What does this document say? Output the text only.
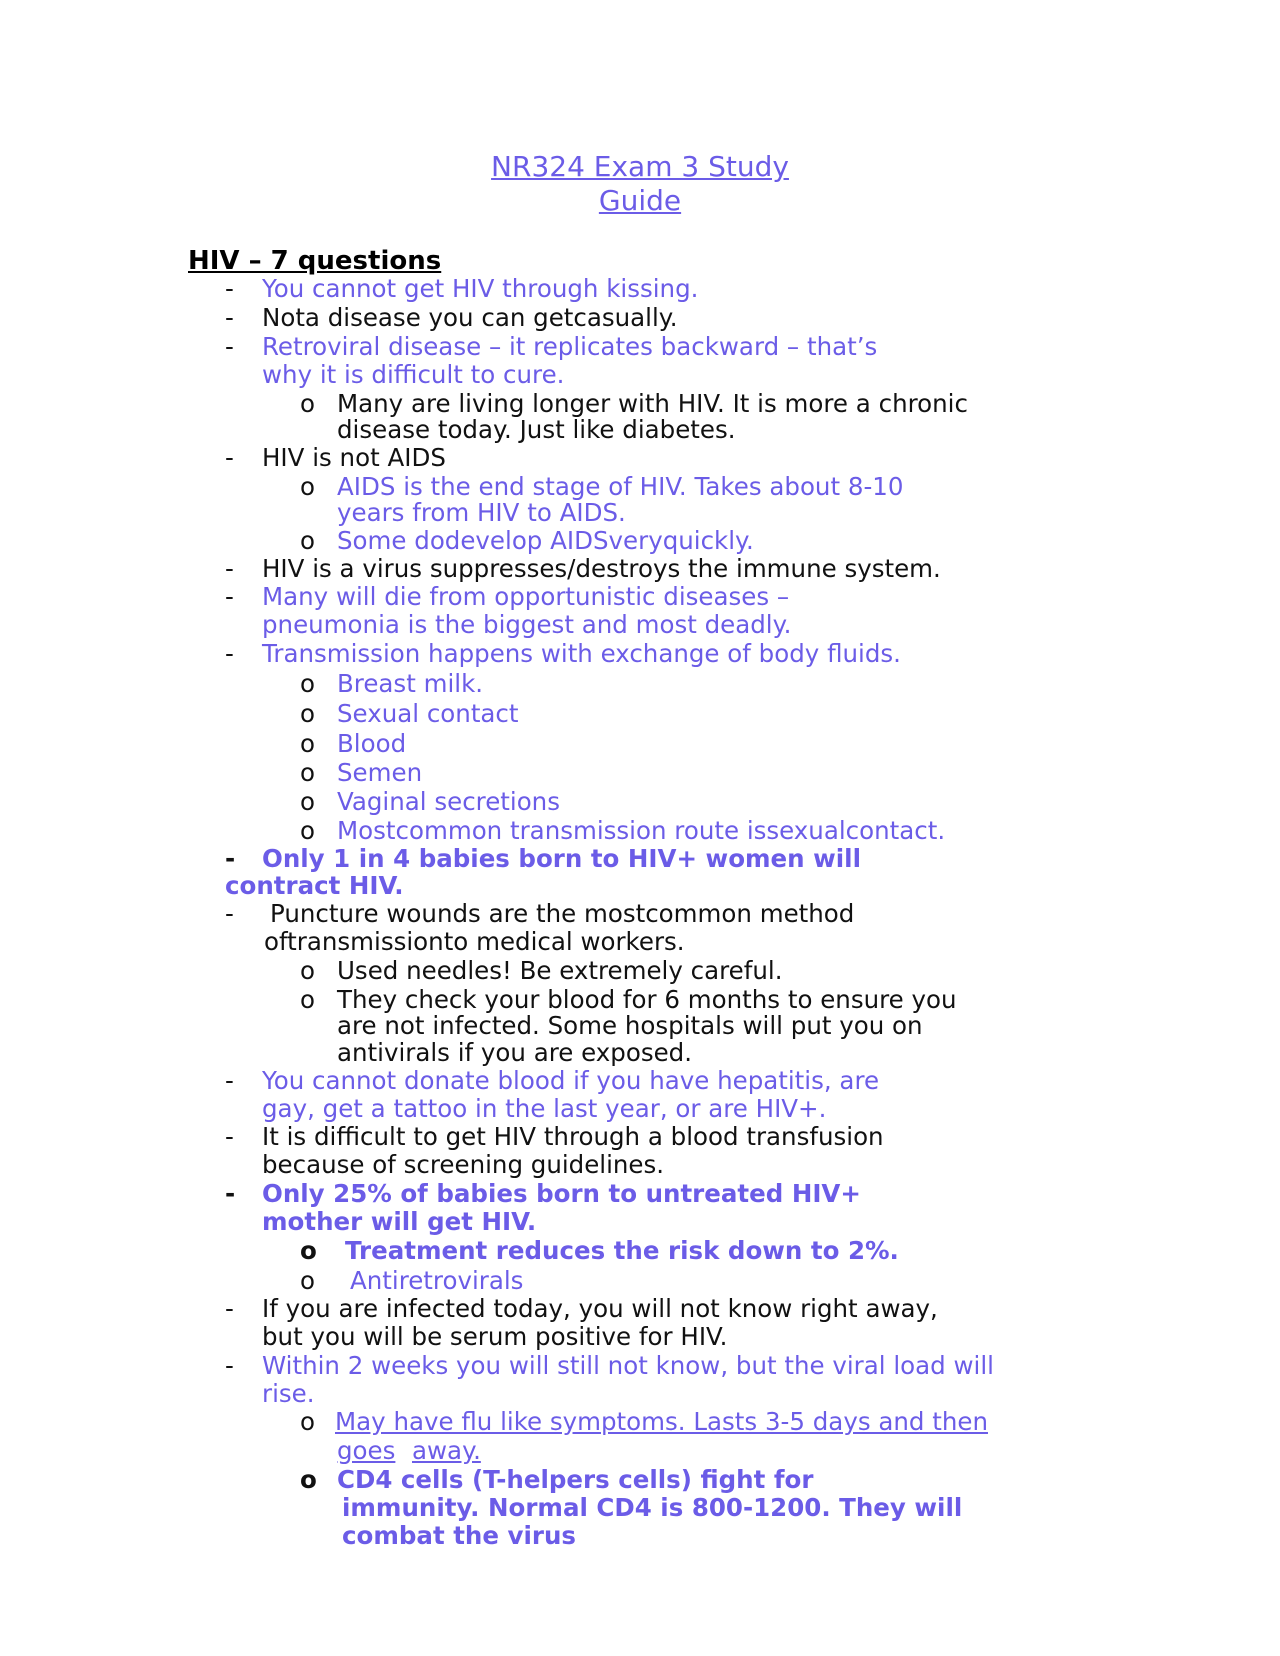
NR324 Exam 3 Study
Guide
HIV – 7 questions
- You cannot get HIV through kissing.
- Nota disease you can getcasually.
- Retroviral disease – it replicates backward – that’s
why it is difficult to cure.
o Many are living longer with HIV. It is more a chronic
disease today. Just like diabetes.
- HIV is not AIDS
o AIDS is the end stage of HIV. Takes about 8-10
years from HIV to AIDS.
o Some dodevelop AIDSveryquickly.
- HIV is a virus suppresses/destroys the immune system.
- Many will die from opportunistic diseases –
pneumonia is the biggest and most deadly.
- Transmission happens with exchange of body fluids.
o Breast milk.
o Sexual contact
o Blood
o Semen
o Vaginal secretions
o Mostcommon transmission route issexualcontact.
- Only 1 in 4 babies born to HIV+ women will
contract HIV.
- Puncture wounds are the mostcommon method
oftransmissionto medical workers.
o Used needles! Be extremely careful.
o They check your blood for 6 months to ensure you
are not infected. Some hospitals will put you on
antivirals if you are exposed.
- You cannot donate blood if you have hepatitis, are
gay, get a tattoo in the last year, or are HIV+.
- It is difficult to get HIV through a blood transfusion
because of screening guidelines.
- Only 25% of babies born to untreated HIV+
mother will get HIV.
o Treatment reduces the risk down to 2%.
o Antiretrovirals
- If you are infected today, you will not know right away,
but you will be serum positive for HIV.
- Within 2 weeks you will still not know, but the viral load will
rise.
o May have flu like symptoms. Lasts 3-5 days and then
goes away.
o CD4 cells (T-helpers cells) fight for
immunity. Normal CD4 is 800-1200. They will
combat the virus
